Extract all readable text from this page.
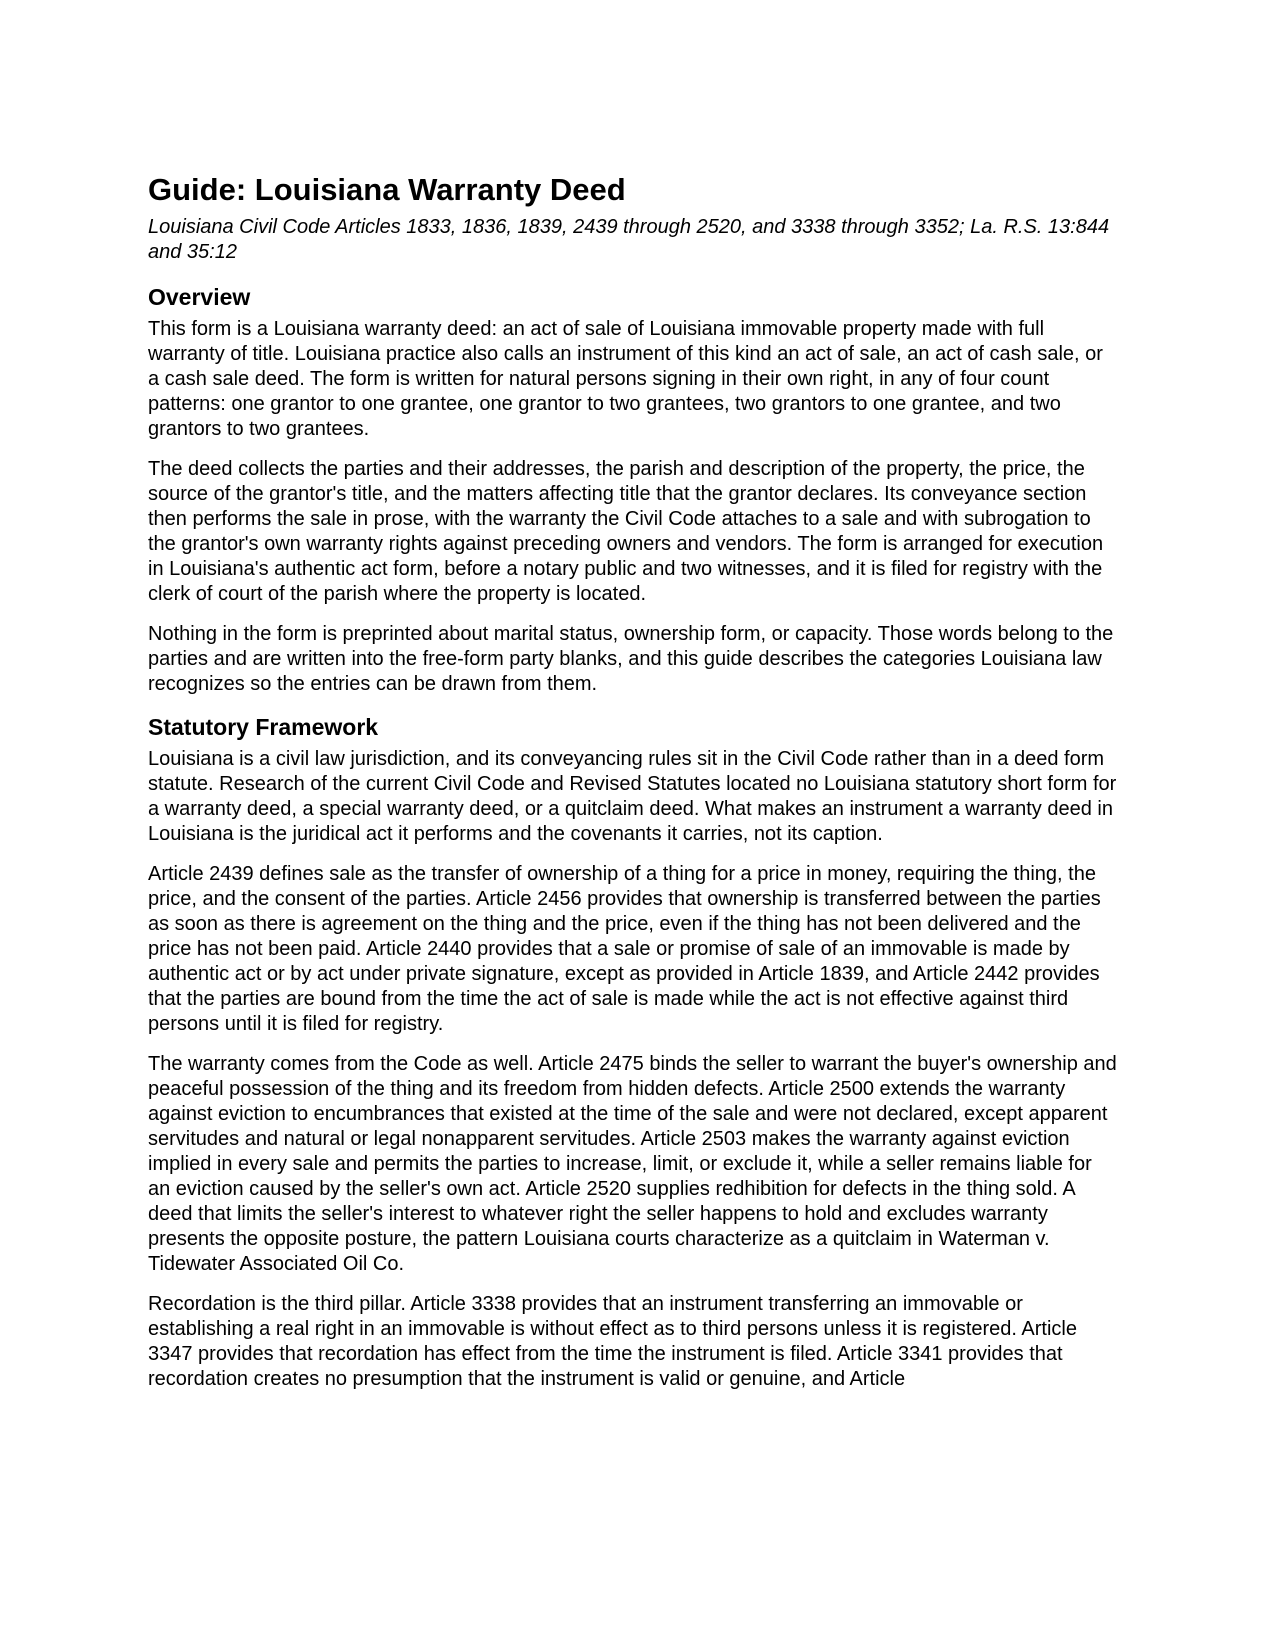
Guide: Louisiana Warranty Deed
Louisiana Civil Code Articles 1833, 1836, 1839, 2439 through 2520, and 3338 through 3352; La. R.S. 13:844 and 35:12
Overview

This form is a Louisiana warranty deed: an act of sale of Louisiana immovable property made with full warranty of title. Louisiana practice also calls an instrument of this kind an act of sale, an act of cash sale, or a cash sale deed. The form is written for natural persons signing in their own right, in any of four count patterns: one grantor to one grantee, one grantor to two grantees, two grantors to one grantee, and two grantors to two grantees.

The deed collects the parties and their addresses, the parish and description of the property, the price, the source of the grantor's title, and the matters affecting title that the grantor declares. Its conveyance section then performs the sale in prose, with the warranty the Civil Code attaches to a sale and with subrogation to the grantor's own warranty rights against preceding owners and vendors. The form is arranged for execution in Louisiana's authentic act form, before a notary public and two witnesses, and it is filed for registry with the clerk of court of the parish where the property is located.

Nothing in the form is preprinted about marital status, ownership form, or capacity. Those words belong to the parties and are written into the free-form party blanks, and this guide describes the categories Louisiana law recognizes so the entries can be drawn from them.

Statutory Framework

Louisiana is a civil law jurisdiction, and its conveyancing rules sit in the Civil Code rather than in a deed form statute. Research of the current Civil Code and Revised Statutes located no Louisiana statutory short form for a warranty deed, a special warranty deed, or a quitclaim deed. What makes an instrument a warranty deed in Louisiana is the juridical act it performs and the covenants it carries, not its caption.

Article 2439 defines sale as the transfer of ownership of a thing for a price in money, requiring the thing, the price, and the consent of the parties. Article 2456 provides that ownership is transferred between the parties as soon as there is agreement on the thing and the price, even if the thing has not been delivered and the price has not been paid. Article 2440 provides that a sale or promise of sale of an immovable is made by authentic act or by act under private signature, except as provided in Article 1839, and Article 2442 provides that the parties are bound from the time the act of sale is made while the act is not effective against third persons until it is filed for registry.

The warranty comes from the Code as well. Article 2475 binds the seller to warrant the buyer's ownership and peaceful possession of the thing and its freedom from hidden defects. Article 2500 extends the warranty against eviction to encumbrances that existed at the time of the sale and were not declared, except apparent servitudes and natural or legal nonapparent servitudes. Article 2503 makes the warranty against eviction implied in every sale and permits the parties to increase, limit, or exclude it, while a seller remains liable for an eviction caused by the seller's own act. Article 2520 supplies redhibition for defects in the thing sold. A deed that limits the seller's interest to whatever right the seller happens to hold and excludes warranty presents the opposite posture, the pattern Louisiana courts characterize as a quitclaim in Waterman v. Tidewater Associated Oil Co.

Recordation is the third pillar. Article 3338 provides that an instrument transferring an immovable or establishing a real right in an immovable is without effect as to third persons unless it is registered. Article 3347 provides that recordation has effect from the time the instrument is filed. Article 3341 provides that recordation creates no presumption that the instrument is valid or genuine, and Article
